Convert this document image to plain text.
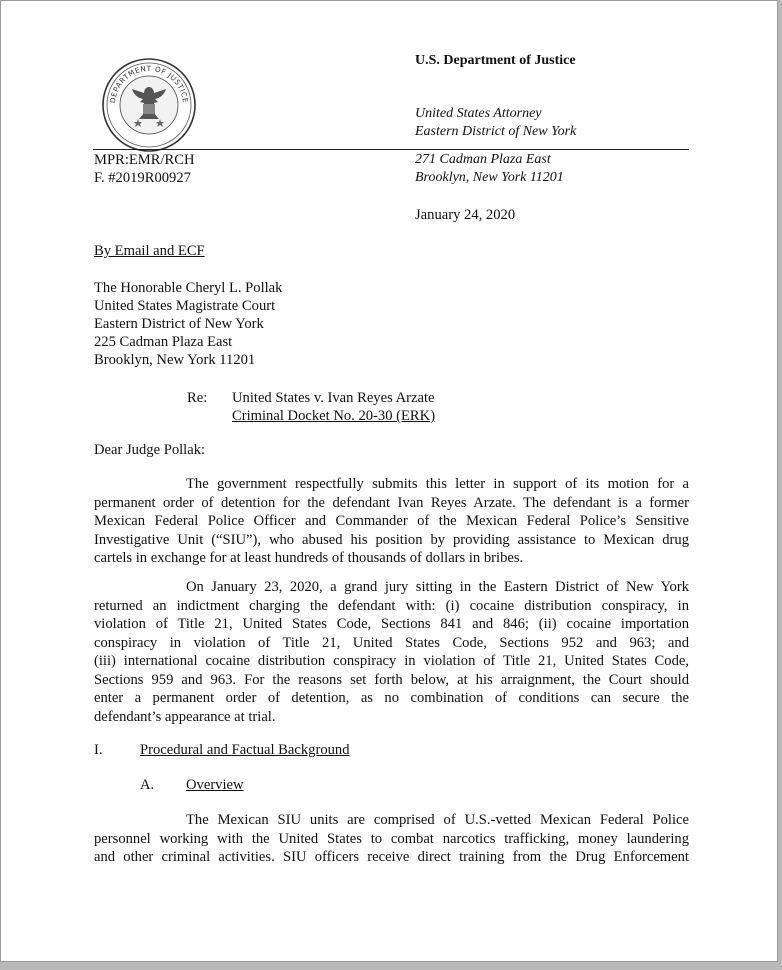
DEPARTMENT OF JUSTICE
U.S. Department of Justice
United States Attorney
Eastern District of New York
271 Cadman Plaza East
Brooklyn, New York 11201
MPR:EMR/RCH
F. #2019R00927
January 24, 2020
By Email and ECF
The Honorable Cheryl L. Pollak
United States Magistrate Court
Eastern District of New York
225 Cadman Plaza East
Brooklyn, New York 11201
Re: United States v. Ivan Reyes Arzate
Criminal Docket No. 20-30 (ERK)
Dear Judge Pollak:
The government respectfully submits this letter in support of its motion for a
permanent order of detention for the defendant Ivan Reyes Arzate. The defendant is a former
Mexican Federal Police Officer and Commander of the Mexican Federal Police’s Sensitive
Investigative Unit (“SIU”), who abused his position by providing assistance to Mexican drug
cartels in exchange for at least hundreds of thousands of dollars in bribes.
On January 23, 2020, a grand jury sitting in the Eastern District of New York
returned an indictment charging the defendant with: (i) cocaine distribution conspiracy, in
violation of Title 21, United States Code, Sections 841 and 846; (ii) cocaine importation
conspiracy in violation of Title 21, United States Code, Sections 952 and 963; and
(iii) international cocaine distribution conspiracy in violation of Title 21, United States Code,
Sections 959 and 963. For the reasons set forth below, at his arraignment, the Court should
enter a permanent order of detention, as no combination of conditions can secure the
defendant’s appearance at trial.
I.	Procedural and Factual Background
A. Overview
The Mexican SIU units are comprised of U.S.-vetted Mexican Federal Police
personnel working with the United States to combat narcotics trafficking, money laundering
and other criminal activities. SIU officers receive direct training from the Drug Enforcement
